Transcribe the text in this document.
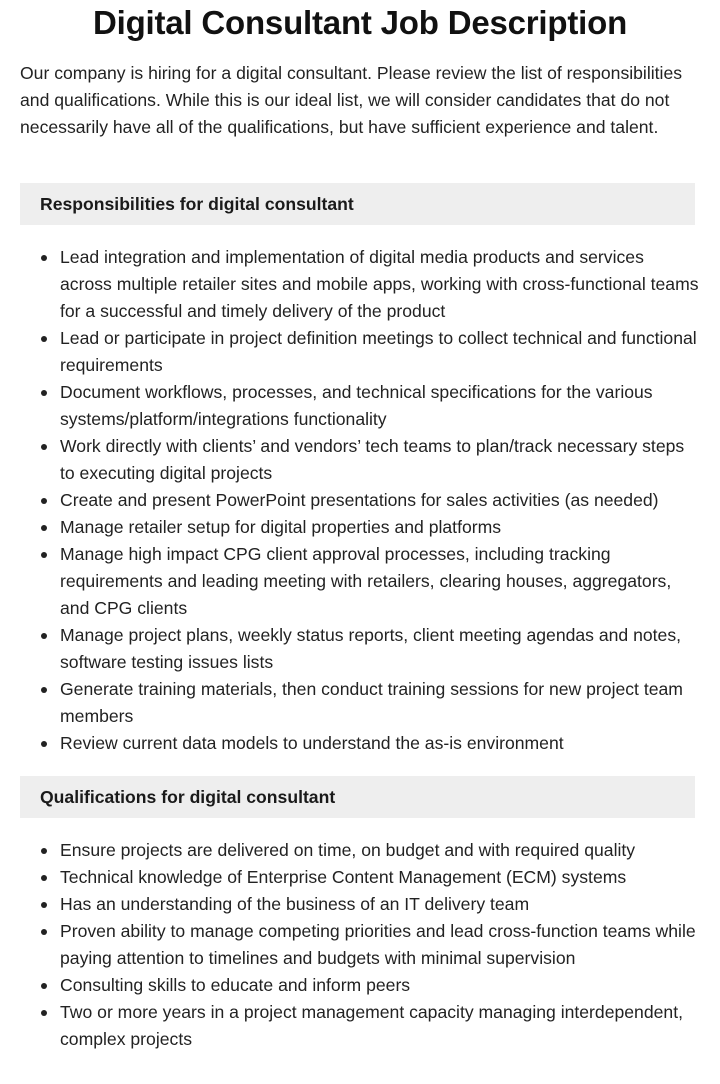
Digital Consultant Job Description

Our company is hiring for a digital consultant. Please review the list of responsibilities and qualifications. While this is our ideal list, we will consider candidates that do not necessarily have all of the qualifications, but have sufficient experience and talent.

Responsibilities for digital consultant
Lead integration and implementation of digital media products and services across multiple retailer sites and mobile apps, working with cross-functional teams for a successful and timely delivery of the product
Lead or participate in project definition meetings to collect technical and functional requirements
Document workflows, processes, and technical specifications for the various systems/platform/integrations functionality
Work directly with clients’ and vendors’ tech teams to plan/track necessary steps to executing digital projects
Create and present PowerPoint presentations for sales activities (as needed)
Manage retailer setup for digital properties and platforms
Manage high impact CPG client approval processes, including tracking requirements and leading meeting with retailers, clearing houses, aggregators, and CPG clients
Manage project plans, weekly status reports, client meeting agendas and notes, software testing issues lists
Generate training materials, then conduct training sessions for new project team members
Review current data models to understand the as-is environment
Qualifications for digital consultant
Ensure projects are delivered on time, on budget and with required quality
Technical knowledge of Enterprise Content Management (ECM) systems
Has an understanding of the business of an IT delivery team
Proven ability to manage competing priorities and lead cross-function teams while paying attention to timelines and budgets with minimal supervision
Consulting skills to educate and inform peers
Two or more years in a project management capacity managing interdependent, complex projects
